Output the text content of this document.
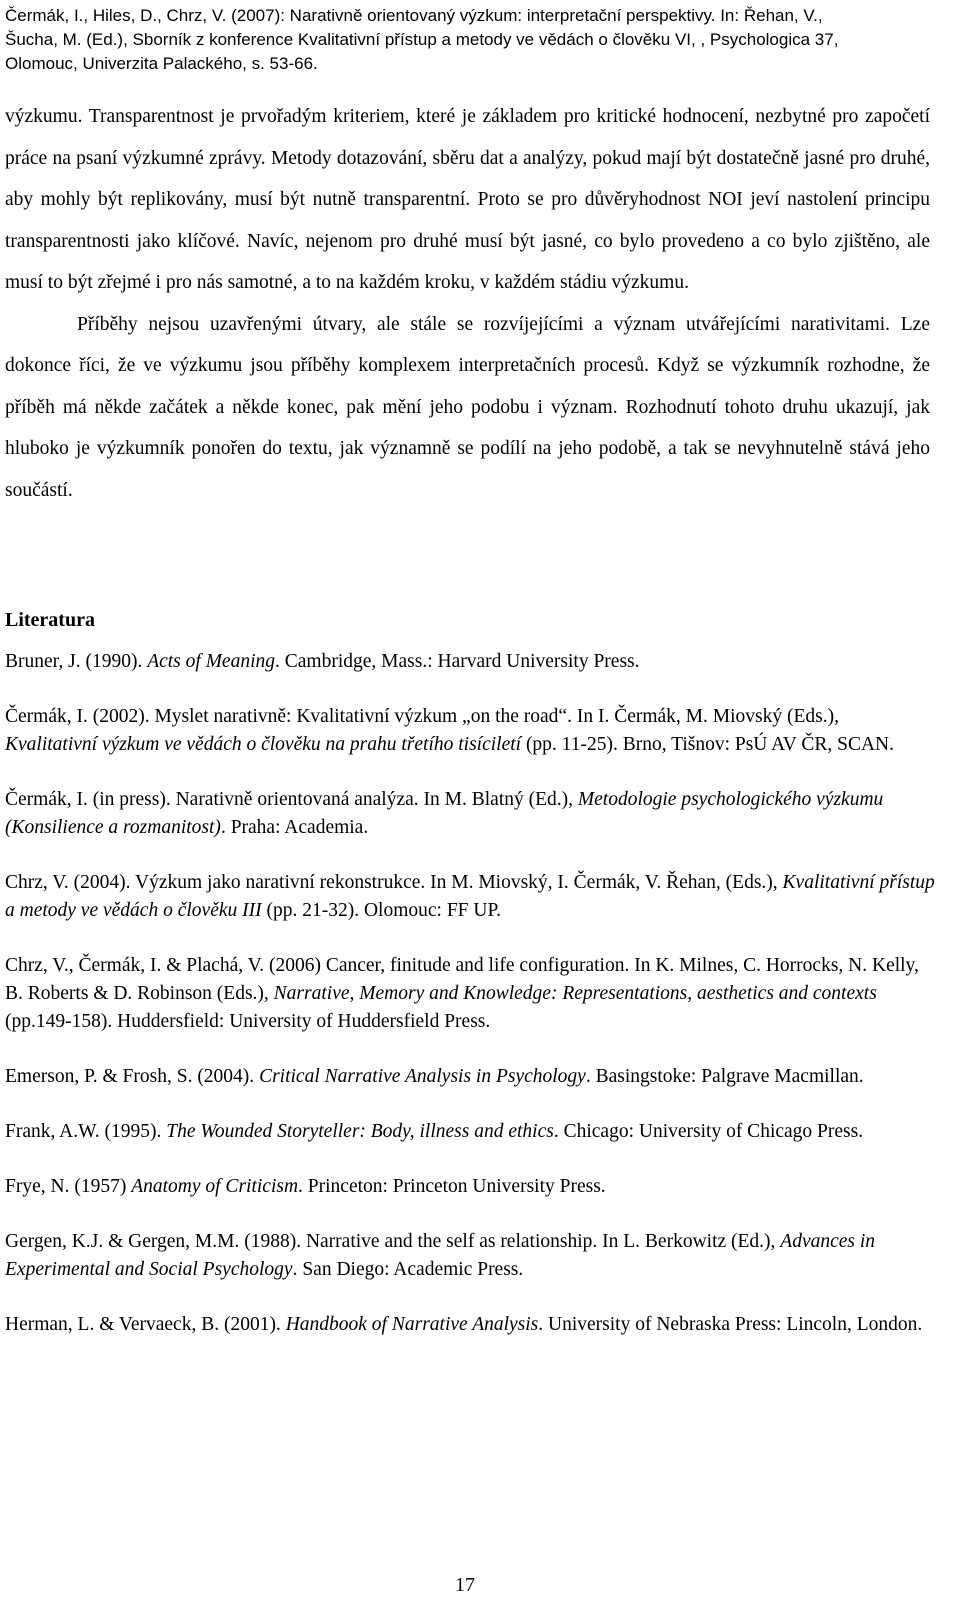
Čermák, I., Hiles, D., Chrz, V. (2007): Narativně orientovaný výzkum: interpretační perspektivy. In: Řehan, V.,
Šucha, M. (Ed.), Sborník z konference Kvalitativní přístup a metody ve vědách o člověku VI, , Psychologica 37,
Olomouc, Univerzita Palackého, s. 53-66.

výzkumu. Transparentnost je prvořadým kriteriem, které je základem pro kritické hodnocení, nezbytné pro započetí práce na psaní výzkumné zprávy. Metody dotazování, sběru dat a analýzy, pokud mají být dostatečně jasné pro druhé, aby mohly být replikovány, musí být nutně transparentní. Proto se pro důvěryhodnost NOI jeví nastolení principu transparentnosti jako klíčové. Navíc, nejenom pro druhé musí být jasné, co bylo provedeno a co bylo zjištěno, ale musí to být zřejmé i pro nás samotné, a to na každém kroku, v každém stádiu výzkumu.

Příběhy nejsou uzavřenými útvary, ale stále se rozvíjejícími a význam utvářejícími narativitami. Lze dokonce říci, že ve výzkumu jsou příběhy komplexem interpretačních procesů. Když se výzkumník rozhodne, že příběh má někde začátek a někde konec, pak mění jeho podobu i význam. Rozhodnutí tohoto druhu ukazují, jak hluboko je výzkumník ponořen do textu, jak významně se podílí na jeho podobě, a tak se nevyhnutelně stává jeho součástí.

Literatura

Bruner, J. (1990). Acts of Meaning. Cambridge, Mass.: Harvard University Press.

Čermák, I. (2002). Myslet narativně: Kvalitativní výzkum „on the road“. In I. Čermák, M. Miovský (Eds.), Kvalitativní výzkum ve vědách o člověku na prahu třetího tisíciletí (pp. 11-25). Brno, Tišnov: PsÚ AV ČR, SCAN.

Čermák, I. (in press). Narativně orientovaná analýza. In M. Blatný (Ed.), Metodologie psychologického výzkumu (Konsilience a rozmanitost). Praha: Academia.

Chrz, V. (2004). Výzkum jako narativní rekonstrukce. In M. Miovský, I. Čermák, V. Řehan, (Eds.), Kvalitativní přístup a metody ve vědách o člověku III (pp. 21-32). Olomouc: FF UP.

Chrz, V., Čermák, I. & Plachá, V. (2006) Cancer, finitude and life configuration. In K. Milnes, C. Horrocks, N. Kelly, B. Roberts & D. Robinson (Eds.), Narrative, Memory and Knowledge: Representations, aesthetics and contexts (pp.149-158). Huddersfield: University of Huddersfield Press.

Emerson, P. & Frosh, S. (2004). Critical Narrative Analysis in Psychology. Basingstoke: Palgrave Macmillan.

Frank, A.W. (1995). The Wounded Storyteller: Body, illness and ethics. Chicago: University of Chicago Press.

Frye, N. (1957) Anatomy of Criticism. Princeton: Princeton University Press.

Gergen, K.J. & Gergen, M.M. (1988). Narrative and the self as relationship. In L. Berkowitz (Ed.), Advances in Experimental and Social Psychology. San Diego: Academic Press.

Herman, L. & Vervaeck, B. (2001). Handbook of Narrative Analysis. University of Nebraska Press: Lincoln, London.

17
